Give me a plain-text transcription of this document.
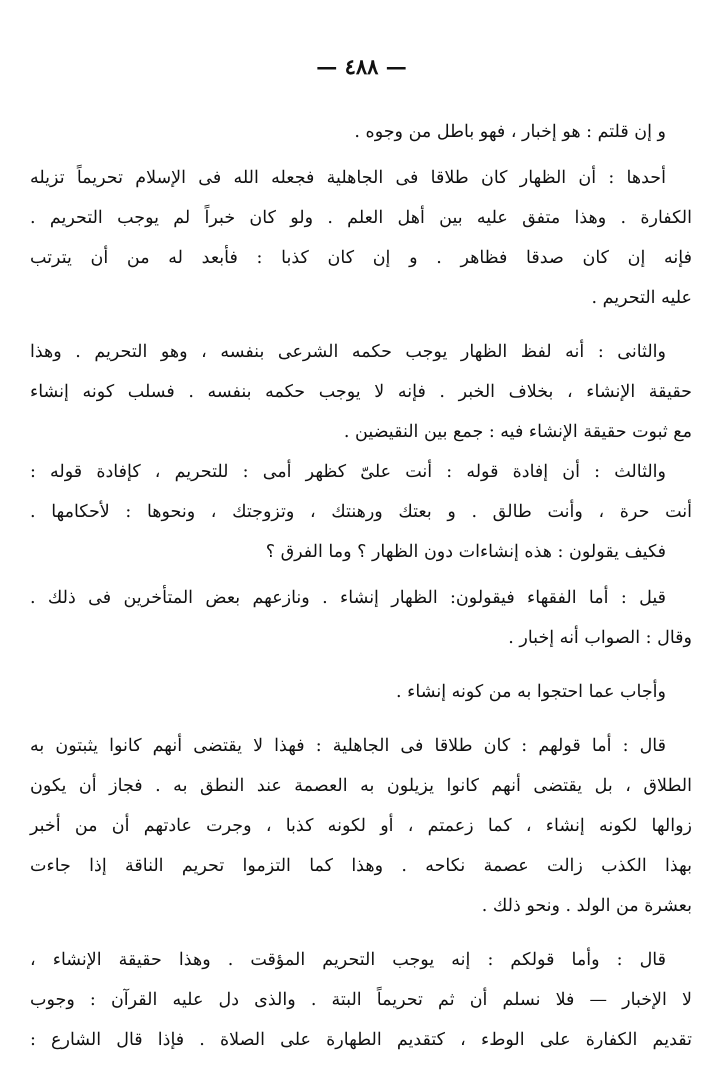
— ٤٨٨ —

و إن قلتم : هو إخبار ، فهو باطل من وجوه .

أحدها : أن الظهار كان طلاقا فى الجاهلية فجعله الله فى الإسلام تحريماً تزيله
الكفارة . وهذا متفق عليه بين أهل العلم . ولو كان خبراً لم يوجب التحريم .
فإنه إن كان صدقا فظاهر . و إن كان كذبا : فأبعد له من أن يترتب
عليه التحريم .

والثانى : أنه لفظ الظهار يوجب حكمه الشرعى بنفسه ، وهو التحريم . وهذا
حقيقة الإنشاء ، بخلاف الخبر . فإنه لا يوجب حكمه بنفسه . فسلب كونه إنشاء
مع ثبوت حقيقة الإنشاء فيه : جمع بين النقيضين .

والثالث : أن إفادة قوله : أنت علىّ كظهر أمى : للتحريم ، كإفادة قوله :
أنت حرة ، وأنت طالق . و بعتك ورهنتك ، وتزوجتك ، ونحوها : لأحكامها .
فكيف يقولون : هذه إنشاءات دون الظهار ؟ وما الفرق ؟

قيل : أما الفقهاء فيقولون: الظهار إنشاء . ونازعهم بعض المتأخرين فى ذلك .
وقال : الصواب أنه إخبار .

وأجاب عما احتجوا به من كونه إنشاء .

قال : أما قولهم : كان طلاقا فى الجاهلية : فهذا لا يقتضى أنهم كانوا يثبتون به
الطلاق ، بل يقتضى أنهم كانوا يزيلون به العصمة عند النطق به . فجاز أن يكون
زوالها لكونه إنشاء ، كما زعمتم ، أو لكونه كذبا ، وجرت عادتهم أن من أخبر
بهذا الكذب زالت عصمة نكاحه . وهذا كما التزموا تحريم الناقة إذا جاءت
بعشرة من الولد . ونحو ذلك .

قال : وأما قولكم : إنه يوجب التحريم المؤقت . وهذا حقيقة الإنشاء ،
لا الإخبار — فلا نسلم أن ثم تحريماً البتة . والذى دل عليه القرآن : وجوب
تقديم الكفارة على الوطء ، كتقديم الطهارة على الصلاة . فإذا قال الشارع :
